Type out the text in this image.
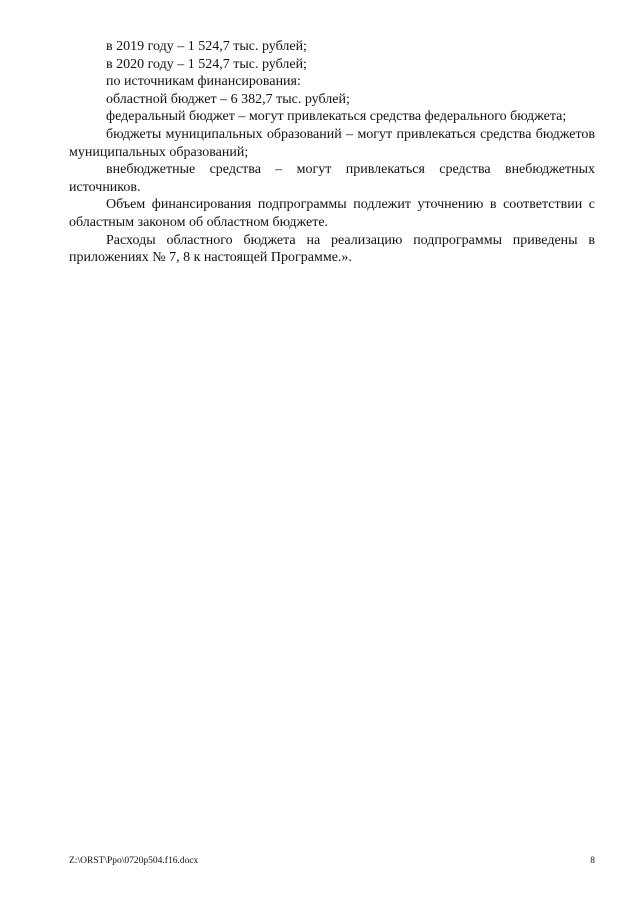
в 2019 году – 1 524,7 тыс. рублей;

в 2020 году – 1 524,7 тыс. рублей;

по источникам финансирования:

областной бюджет – 6 382,7 тыс. рублей;

федеральный бюджет – могут привлекаться средства федерального бюджета;

бюджеты муниципальных образований – могут привлекаться средства бюджетов муниципальных образований;

внебюджетные средства – могут привлекаться средства внебюджетных источников.

Объем финансирования подпрограммы подлежит уточнению в соответствии с областным законом об областном бюджете.

Расходы областного бюджета на реализацию подпрограммы приведены в приложениях № 7, 8 к настоящей Программе.».

Z:\ORST\Ppo\0720p504.f16.docx	8
